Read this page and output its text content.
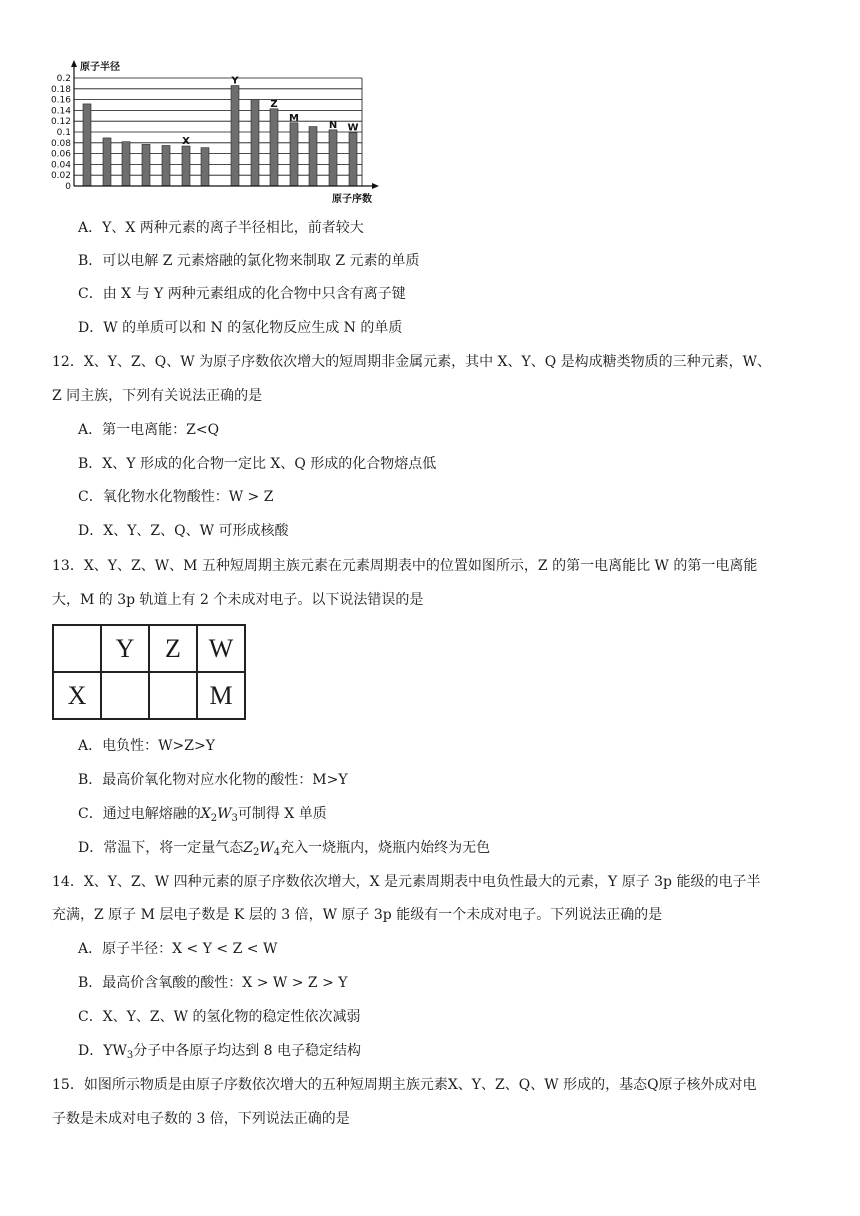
原子半径
原子序数
0.2
0.18
0.16
0.14
0.12
0.1
0.08
0.06
0.04
0.02
0
X
Y
Z
M
N W
A．Y、X 两种元素的离子半径相比，前者较大
B．可以电解 Z 元素熔融的氯化物来制取 Z 元素的单质
C．由 X 与 Y 两种元素组成的化合物中只含有离子键
D．W 的单质可以和 N 的氢化物反应生成 N 的单质
12．X、Y、Z、Q、W 为原子序数依次增大的短周期非金属元素，其中 X、Y、Q 是构成糖类物质的三种元素，W、
Z 同主族，下列有关说法正确的是
A．第一电离能：Z<Q
B．X、Y 形成的化合物一定比 X、Q 形成的化合物熔点低
C．氧化物水化物酸性：W > Z
D．X、Y、Z、Q、W 可形成核酸
13．X、Y、Z、W、M 五种短周期主族元素在元素周期表中的位置如图所示，Z 的第一电离能比 W 的第一电离能
大，M 的 3p 轨道上有 2 个未成对电子。以下说法错误的是
	Y	Z	W
X			M
A．电负性：W>Z>Y
B．最高价氧化物对应水化物的酸性：M>Y
C．通过电解熔融的$X_2W_3$可制得 X 单质
D．常温下，将一定量气态$Z_2W_4$充入一烧瓶内，烧瓶内始终为无色
14．X、Y、Z、W 四种元素的原子序数依次增大，X 是元素周期表中电负性最大的元素，Y 原子 3p 能级的电子半
充满，Z 原子 M 层电子数是 K 层的 3 倍，W 原子 3p 能级有一个未成对电子。下列说法正确的是
A．原子半径：X < Y < Z < W
B．最高价含氧酸的酸性：X > W > Z > Y
C．X、Y、Z、W 的氢化物的稳定性依次减弱
D．$YW_3$分子中各原子均达到 8 电子稳定结构
15．如图所示物质是由原子序数依次增大的五种短周期主族元素X、Y、Z、Q、W 形成的，基态Q原子核外成对电
子数是未成对电子数的 3 倍，下列说法正确的是
